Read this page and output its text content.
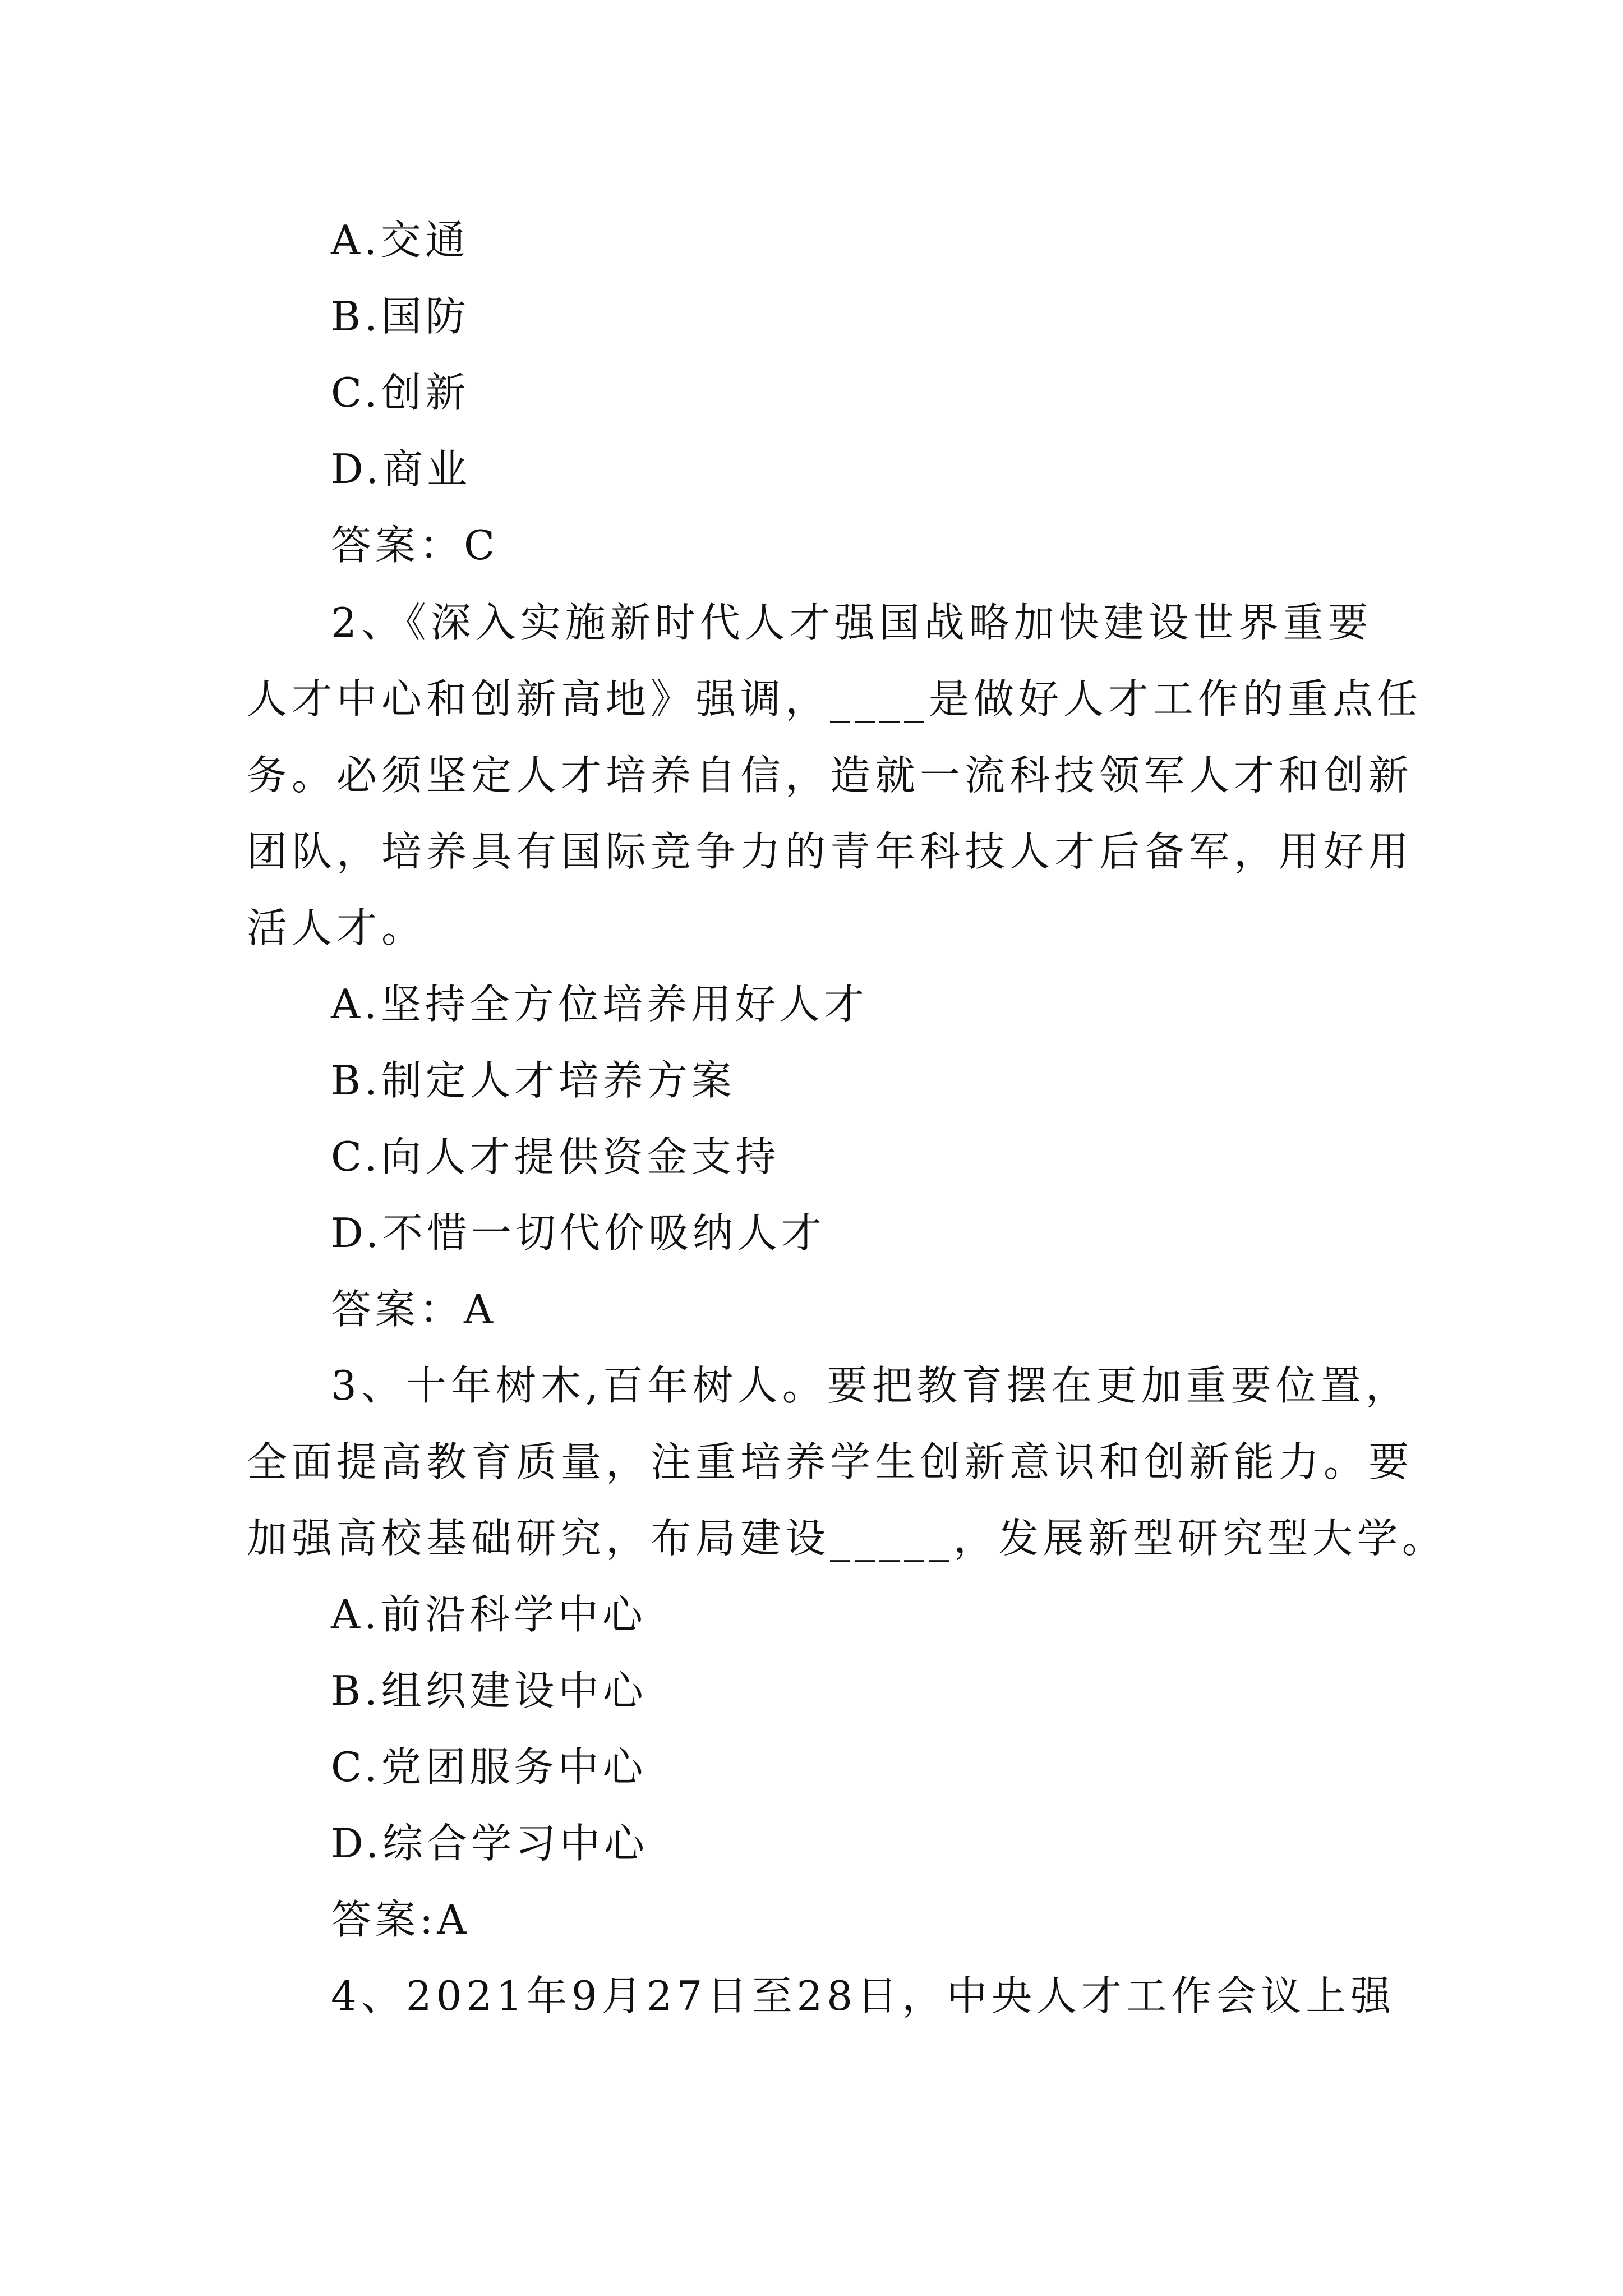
A.交通
B.国防
C.创新
D.商业
答案：C
2、《深入实施新时代人才强国战略加快建设世界重要
人才中心和创新高地》强调，____是做好人才工作的重点任
务。必须坚定人才培养自信，造就一流科技领军人才和创新
团队，培养具有国际竞争力的青年科技人才后备军，用好用
活人才。
A.坚持全方位培养用好人才
B.制定人才培养方案
C.向人才提供资金支持
D.不惜一切代价吸纳人才
答案：A
3、十年树木,百年树人。要把教育摆在更加重要位置，
全面提高教育质量，注重培养学生创新意识和创新能力。要
加强高校基础研究，布局建设_____，发展新型研究型大学。
A.前沿科学中心
B.组织建设中心
C.党团服务中心
D.综合学习中心
答案:A
4、2021年9月27日至28日，中央人才工作会议上强
